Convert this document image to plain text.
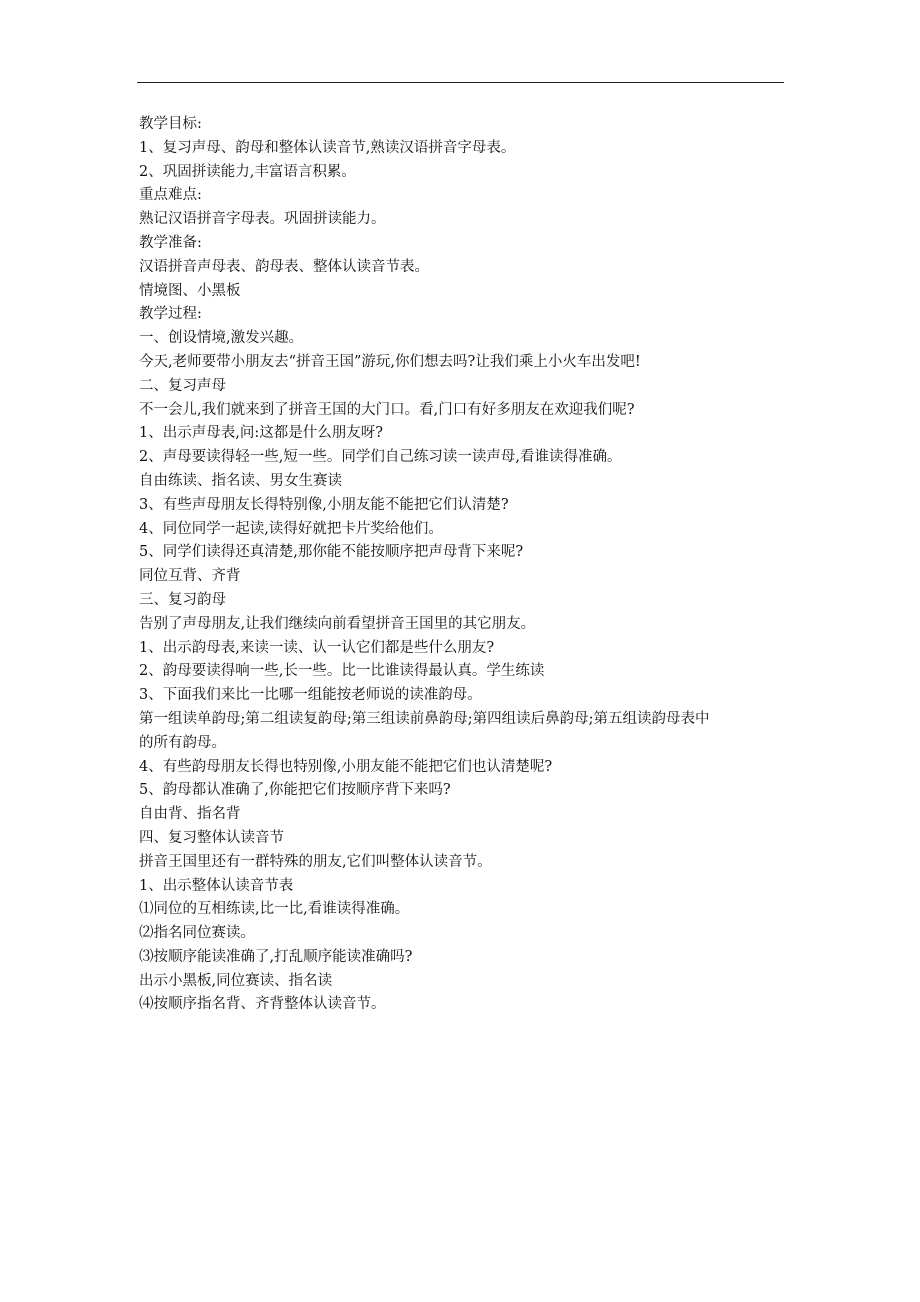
教学目标:
1、复习声母、韵母和整体认读音节,熟读汉语拼音字母表。
2、巩固拼读能力,丰富语言积累。
重点难点:
熟记汉语拼音字母表。巩固拼读能力。
教学准备:
汉语拼音声母表、韵母表、整体认读音节表。
情境图、小黑板
教学过程:
一、创设情境,激发兴趣。
今天,老师要带小朋友去“拼音王国”游玩,你们想去吗?让我们乘上小火车出发吧!
二、复习声母
不一会儿,我们就来到了拼音王国的大门口。看,门口有好多朋友在欢迎我们呢?
1、出示声母表,问:这都是什么朋友呀?
2、声母要读得轻一些,短一些。同学们自己练习读一读声母,看谁读得准确。
自由练读、指名读、男女生赛读
3、有些声母朋友长得特别像,小朋友能不能把它们认清楚?
4、同位同学一起读,读得好就把卡片奖给他们。
5、同学们读得还真清楚,那你能不能按顺序把声母背下来呢?
同位互背、齐背
三、复习韵母
告别了声母朋友,让我们继续向前看望拼音王国里的其它朋友。
1、出示韵母表,来读一读、认一认它们都是些什么朋友?
2、韵母要读得响一些,长一些。比一比谁读得最认真。学生练读
3、下面我们来比一比哪一组能按老师说的读准韵母。
第一组读单韵母;第二组读复韵母;第三组读前鼻韵母;第四组读后鼻韵母;第五组读韵母表中
的所有韵母。
4、有些韵母朋友长得也特别像,小朋友能不能把它们也认清楚呢?
5、韵母都认准确了,你能把它们按顺序背下来吗?
自由背、指名背
四、复习整体认读音节
拼音王国里还有一群特殊的朋友,它们叫整体认读音节。
1、出示整体认读音节表
⑴同位的互相练读,比一比,看谁读得准确。
⑵指名同位赛读。
⑶按顺序能读准确了,打乱顺序能读准确吗?
出示小黑板,同位赛读、指名读
⑷按顺序指名背、齐背整体认读音节。
